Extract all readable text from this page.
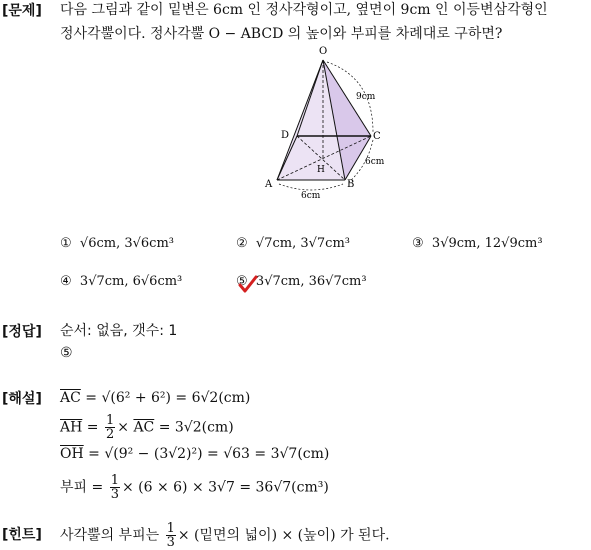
[문제] 다음 그림과 같이 밑변은 6cm 인 정사각형이고, 옆면이 9cm 인 이등변삼각형인
정사각뿔이다. 정사각뿔 O − ABCD 의 높이와 부피를 차례대로 구하면?
O
D	C
A	B
H
9cm
6cm
6cm
① √6cm, 3√6cm³	② √7cm, 3√7cm³	③ 3√9cm, 12√9cm³
④ 3√7cm, 6√6cm³	⑤ 3√7cm, 36√7cm³
[정답] 순서: 없음, 갯수: 1
⑤
[해설] $\overline{AC} = √(6^2 + 6^2) = 6√2(cm)$
$\overline{AH} = \frac{1}{2} \times \overline{AC} = 3√2(cm)$
$\overline{OH} = √(9^2 - (3√2)^2) = √63 = 3√7(cm)$
부피 = $\frac{1}{3} \times (6 \times 6) \times 3√7 = 36√7(cm^3)$
[힌트] 사각뿔의 부피는 $\frac{1}{3}$ × (밑면의 넓이) × (높이) 가 된다.
